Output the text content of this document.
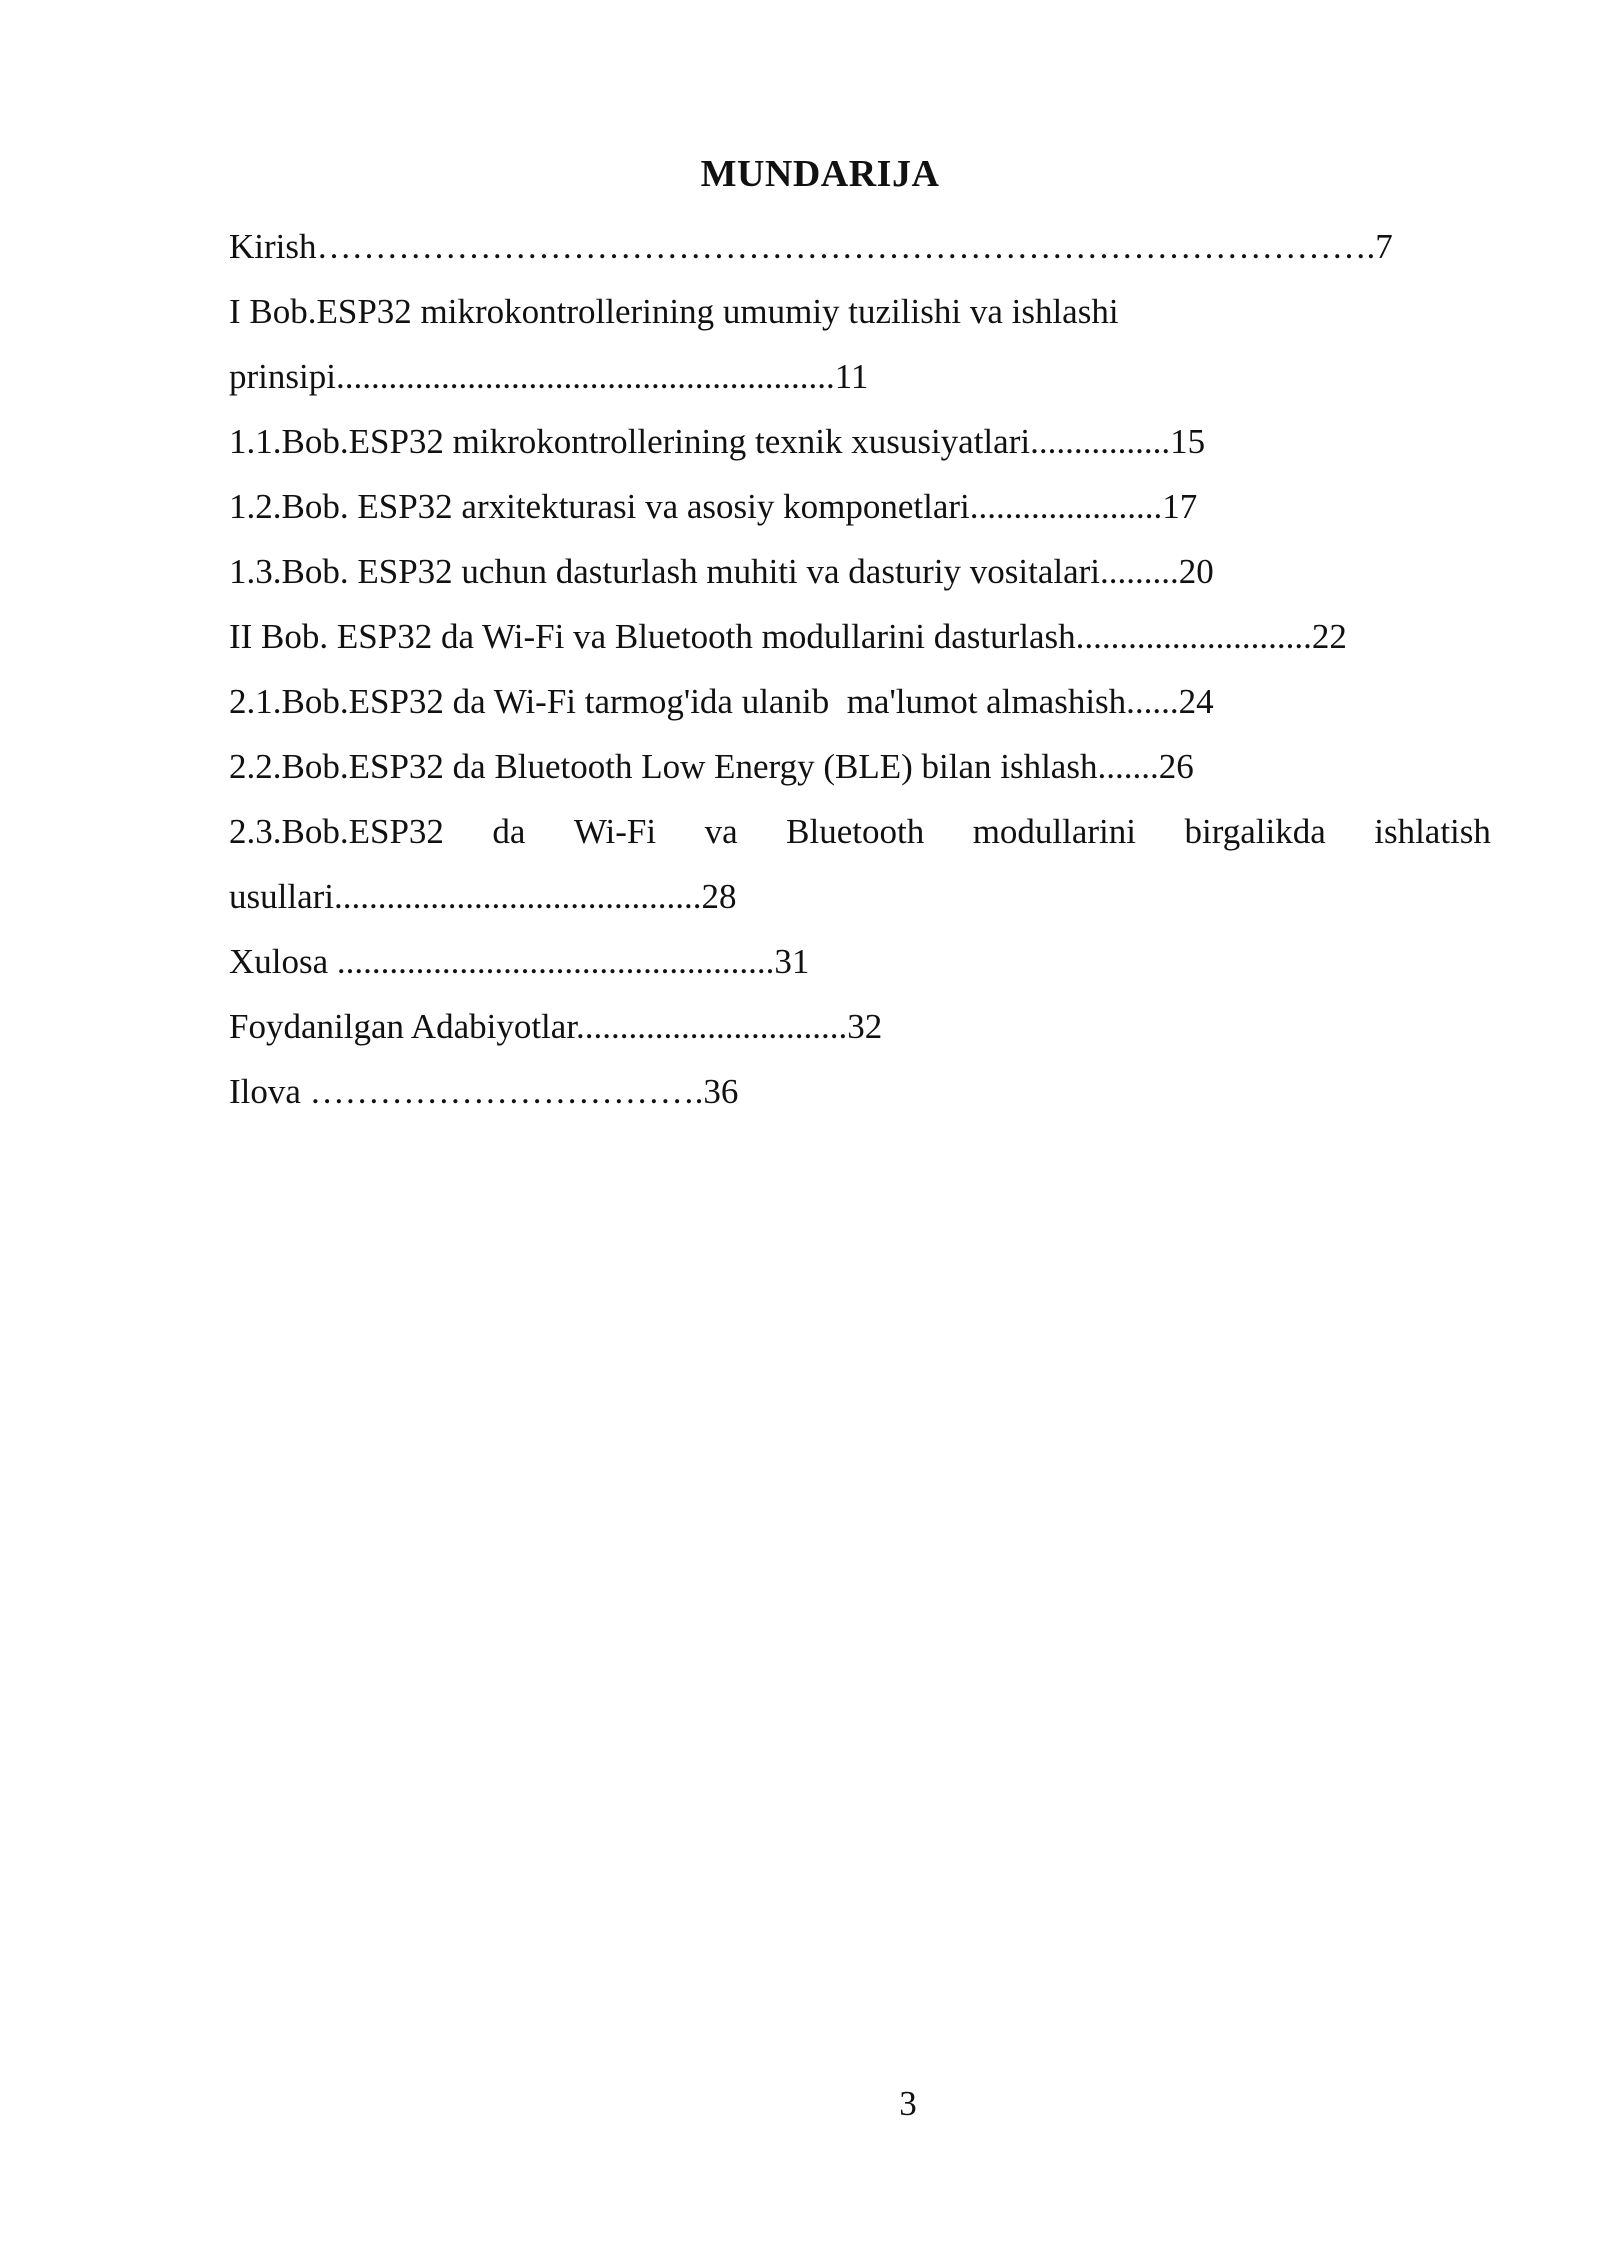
MUNDARIJA
Kirish……………………………………………………………………………….7
I Bob.ESP32 mikrokontrollerining umumiy tuzilishi va ishlashi
prinsipi.........................................................11
1.1.Bob.ESP32 mikrokontrollerining texnik xususiyatlari................15
1.2.Bob. ESP32 arxitekturasi va asosiy komponetlari......................17
1.3.Bob. ESP32 uchun dasturlash muhiti va dasturiy vositalari.........20
II Bob. ESP32 da Wi-Fi va Bluetooth modullarini dasturlash...........................22
2.1.Bob.ESP32 da Wi-Fi tarmog'ida ulanib  ma'lumot almashish......24
2.2.Bob.ESP32 da Bluetooth Low Energy (BLE) bilan ishlash.......26
2.3.Bob.ESP32 da Wi-Fi va Bluetooth modullarini birgalikda ishlatish
usullari..........................................28
Xulosa ..................................................31
Foydanilgan Adabiyotlar...............................32
Ilova …………………………….36
3
